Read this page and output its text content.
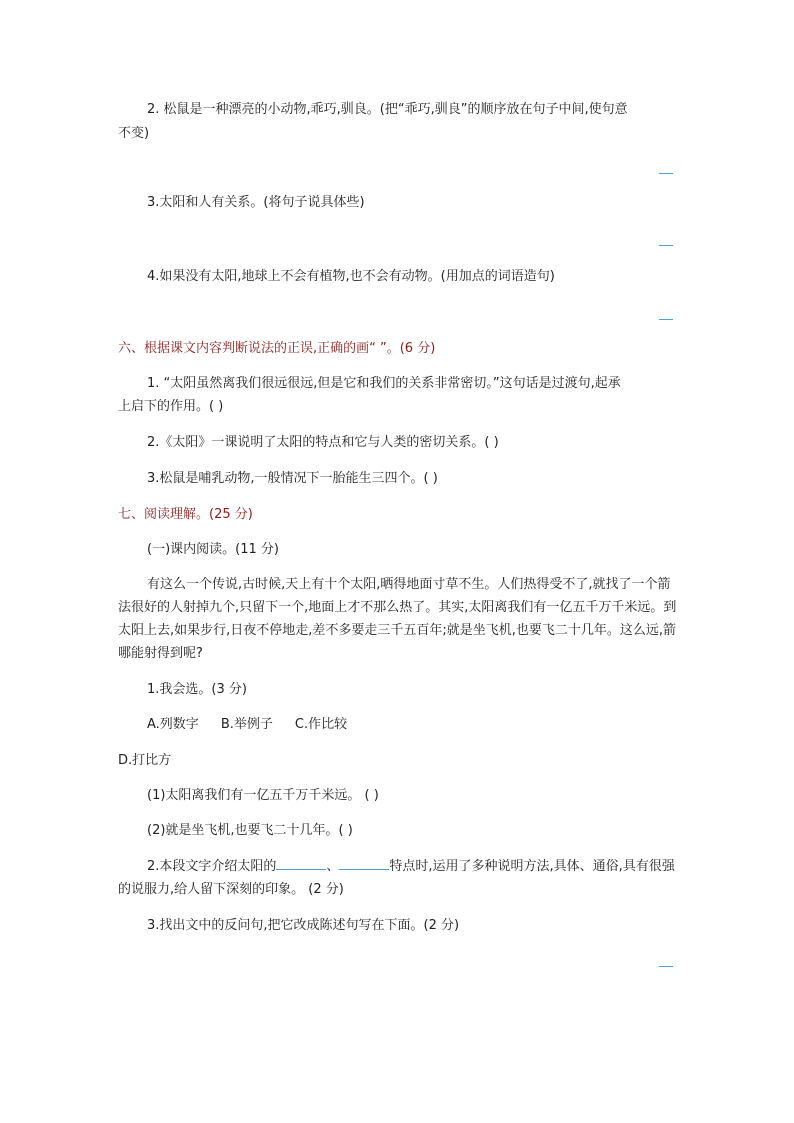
2. 松鼠是一种漂亮的小动物,乖巧,驯良。(把“乖巧,驯良”的顺序放在句子中间,使句意
不变)
3.太阳和人有关系。(将句子说具体些)
4.如果没有太阳,地球上不会有植物,也不会有动物。(用加点的词语造句)
六、根据课文内容判断说法的正误,正确的画“ ”。(6 分)
1. “太阳虽然离我们很远很远,但是它和我们的关系非常密切。”这句话是过渡句,起承
上启下的作用。( )
2.《太阳》一课说明了太阳的特点和它与人类的密切关系。( )
3.松鼠是哺乳动物,一般情况下一胎能生三四个。( )
七、阅读理解。(25 分)
(一)课内阅读。(11 分)
有这么一个传说,古时候,天上有十个太阳,晒得地面寸草不生。人们热得受不了,就找了一个箭法很好的人射掉九个,只留下一个,地面上才不那么热了。其实,太阳离我们有一亿五千万千米远。到太阳上去,如果步行,日夜不停地走,差不多要走三千五百年;就是坐飞机,也要飞二十几年。这么远,箭哪能射得到呢?
1.我会选。(3 分)
A.列数字 B.举例子 C.作比较
D.打比方
(1)太阳离我们有一亿五千万千米远。 ( )
(2)就是坐飞机,也要飞二十几年。( )
2.本段文字介绍太阳的	、	特点时,运用了多种说明方法,具体、通俗,具有很强的说服力,给人留下深刻的印象。 (2 分)
3.找出文中的反问句,把它改成陈述句写在下面。(2 分)
